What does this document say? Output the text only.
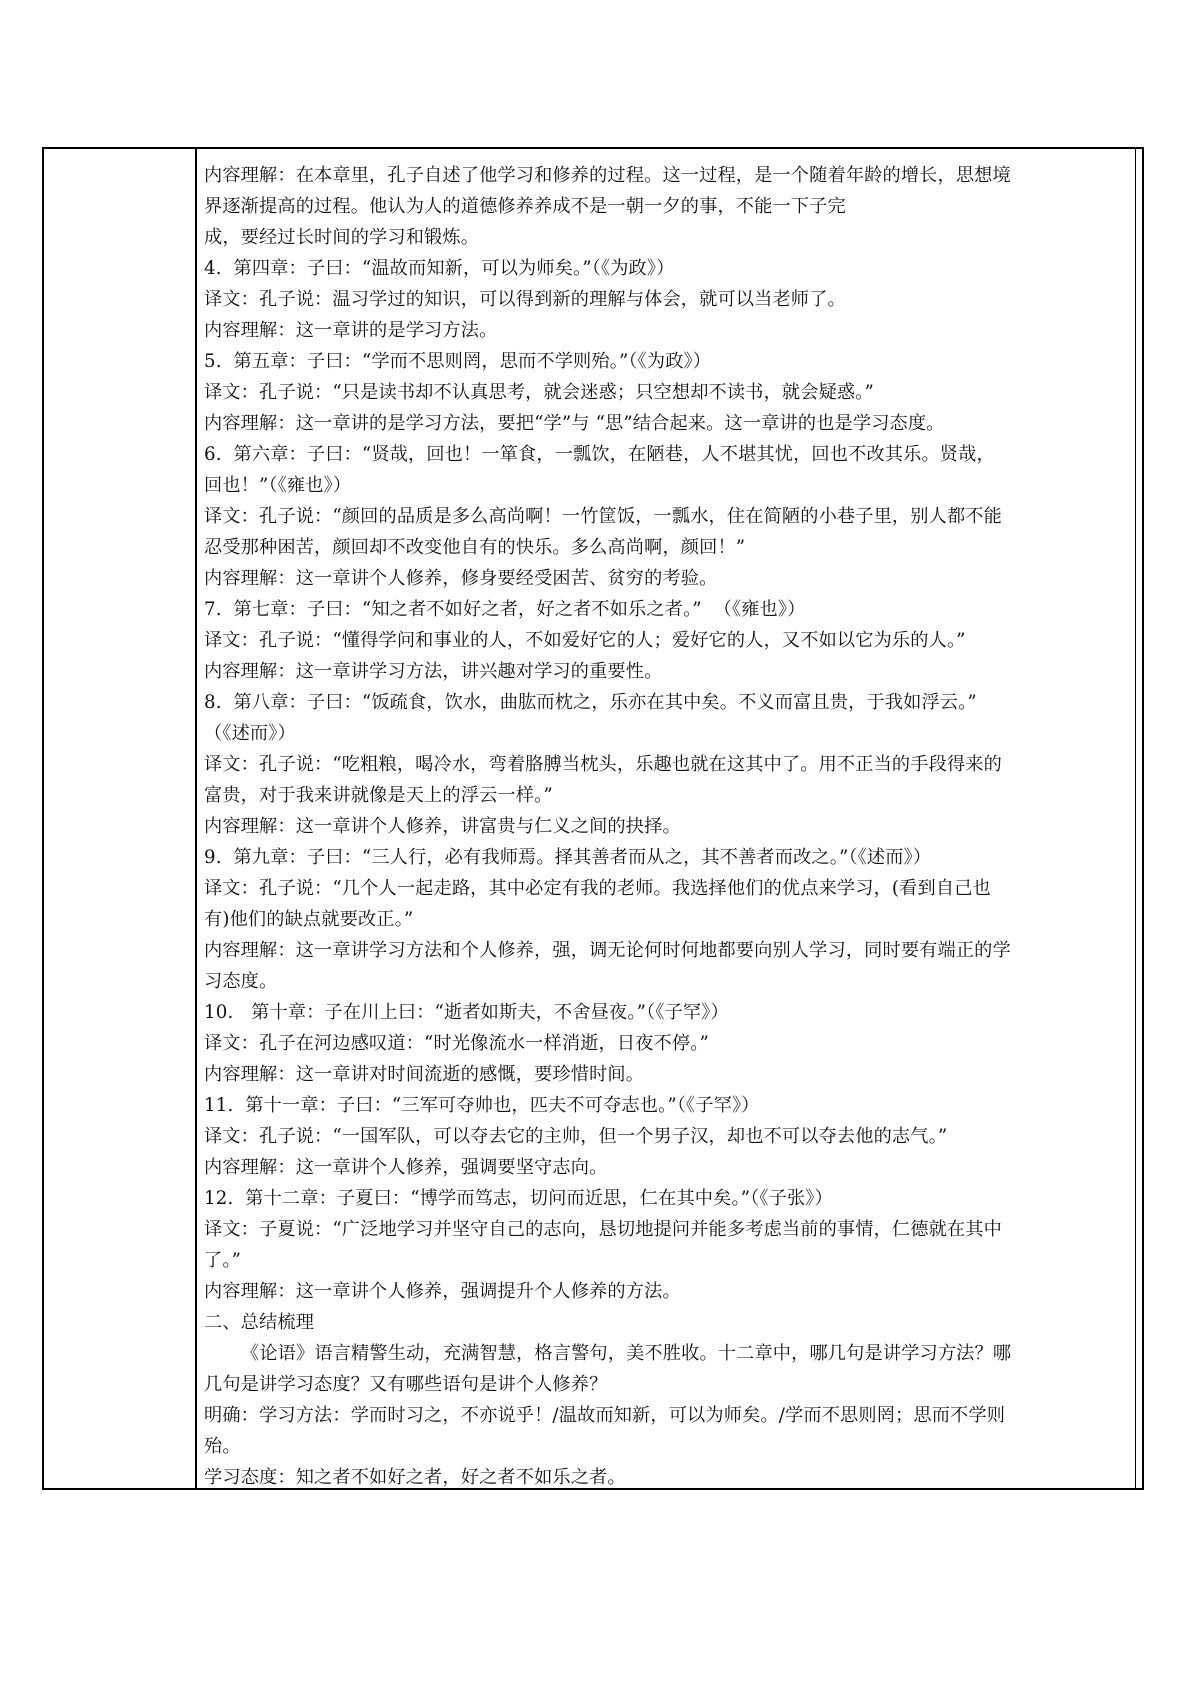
内容理解：在本章里，孔子自述了他学习和修养的过程。这一过程，是一个随着年龄的增长，思想境

界逐渐提高的过程。他认为人的道德修养养成不是一朝一夕的事，不能一下子完

成，要经过长时间的学习和锻炼。

4.  第四章：子曰：“温故而知新，可以为师矣。”（《为政》）

译文：孔子说：温习学过的知识，可以得到新的理解与体会，就可以当老师了。

内容理解：这一章讲的是学习方法。

5.  第五章：子曰：“学而不思则罔，思而不学则殆。”（《为政》）

译文：孔子说：“只是读书却不认真思考，就会迷惑；只空想却不读书，就会疑惑。”

内容理解：这一章讲的是学习方法，要把“学”与 “思”结合起来。这一章讲的也是学习态度。

6.  第六章：子曰：“贤哉，回也！一箪食，一瓢饮，在陋巷，人不堪其忧，回也不改其乐。贤哉，

回也！”（《雍也》）

译文：孔子说：“颜回的品质是多么高尚啊！一竹筐饭，一瓢水，住在简陋的小巷子里，别人都不能

忍受那种困苦，颜回却不改变他自有的快乐。多么高尚啊，颜回！”

内容理解：这一章讲个人修养，修身要经受困苦、贫穷的考验。

7.  第七章：子曰：“知之者不如好之者，好之者不如乐之者。”  （《雍也》）

译文：孔子说：“懂得学问和事业的人，不如爱好它的人；爱好它的人，又不如以它为乐的人。”

内容理解：这一章讲学习方法，讲兴趣对学习的重要性。

8.  第八章：子曰：“饭疏食，饮水，曲肱而枕之，乐亦在其中矣。不义而富且贵，于我如浮云。”

（《述而》）

译文：孔子说：“吃粗粮，喝冷水，弯着胳膊当枕头，乐趣也就在这其中了。用不正当的手段得来的

富贵，对于我来讲就像是天上的浮云一样。”

内容理解：这一章讲个人修养，讲富贵与仁义之间的抉择。

9.  第九章：子曰：“三人行，必有我师焉。择其善者而从之，其不善者而改之。”（《述而》）

译文：孔子说：“几个人一起走路，其中必定有我的老师。我选择他们的优点来学习，(看到自己也

有)他们的缺点就要改正。”

内容理解：这一章讲学习方法和个人修养，强，调无论何时何地都要向别人学习，同时要有端正的学

习态度。

10.   第十章：子在川上曰：“逝者如斯夫，不舍昼夜。”（《子罕》）

译文：孔子在河边感叹道：“时光像流水一样消逝，日夜不停。”

内容理解：这一章讲对时间流逝的感慨，要珍惜时间。

11.  第十一章：子曰：“三军可夺帅也，匹夫不可夺志也。”（《子罕》）

译文：孔子说：“一国军队，可以夺去它的主帅，但一个男子汉，却也不可以夺去他的志气。”

内容理解：这一章讲个人修养，强调要坚守志向。

12.  第十二章：子夏曰：“博学而笃志，切问而近思，仁在其中矣。”（《子张》）

译文：子夏说：“广泛地学习并坚守自己的志向，恳切地提问并能多考虑当前的事情，仁德就在其中

了。”

内容理解：这一章讲个人修养，强调提升个人修养的方法。

二、总结梳理

《论语》语言精警生动，充满智慧，格言警句，美不胜收。十二章中，哪几句是讲学习方法？哪

几句是讲学习态度？又有哪些语句是讲个人修养？

明确：学习方法：学而时习之，不亦说乎！/温故而知新，可以为师矣。/学而不思则罔；思而不学则

殆。

学习态度：知之者不如好之者，好之者不如乐之者。
